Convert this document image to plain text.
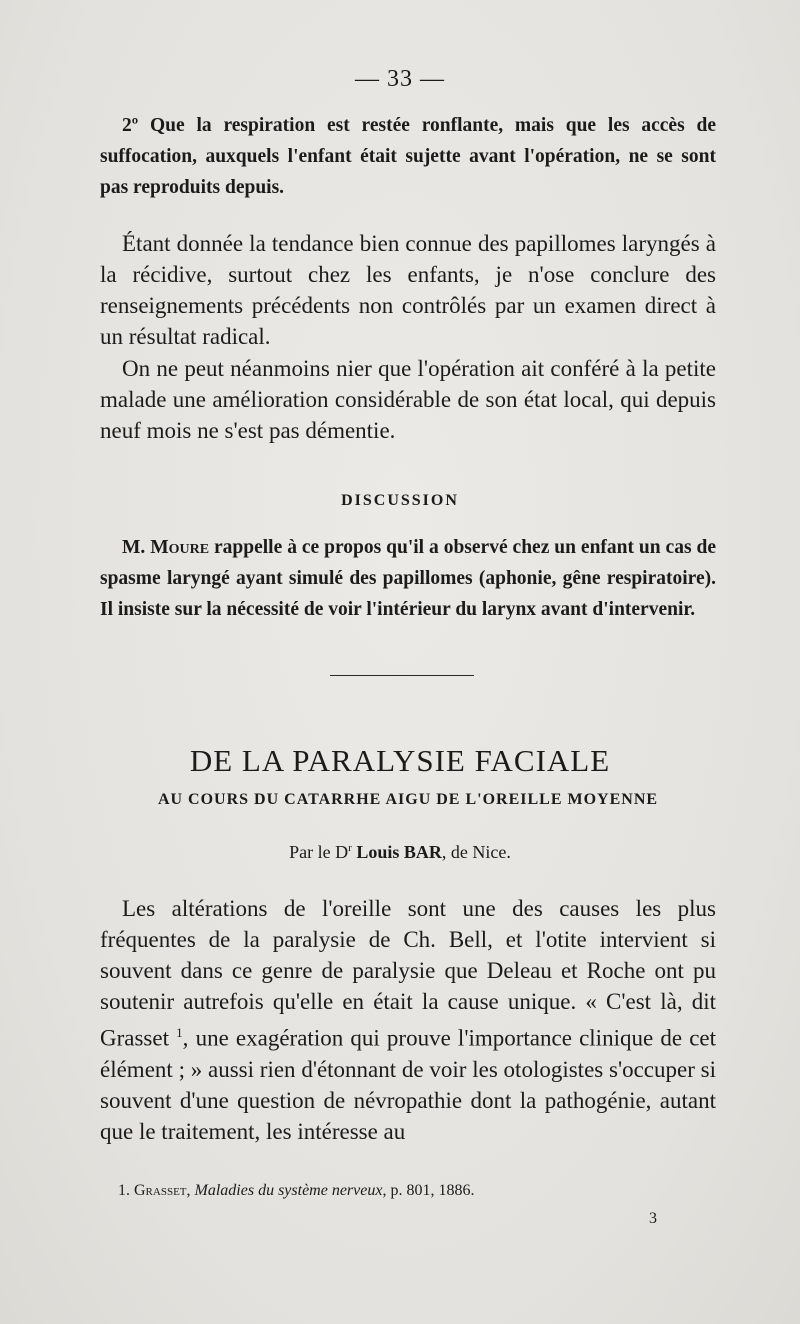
— 33 —

2º Que la respiration est restée ronflante, mais que les accès de suffocation, auxquels l'enfant était sujette avant l'opération, ne se sont pas reproduits depuis.

Étant donnée la tendance bien connue des papillomes laryngés à la récidive, surtout chez les enfants, je n'ose conclure des renseignements précédents non contrôlés par un examen direct à un résultat radical.

On ne peut néanmoins nier que l'opération ait conféré à la petite malade une amélioration considérable de son état local, qui depuis neuf mois ne s'est pas démentie.

DISCUSSION

M. Moure rappelle à ce propos qu'il a observé chez un enfant un cas de spasme laryngé ayant simulé des papillomes (aphonie, gêne respiratoire). Il insiste sur la nécessité de voir l'intérieur du larynx avant d'intervenir.

DE LA PARALYSIE FACIALE
AU COURS DU CATARRHE AIGU DE L'OREILLE MOYENNE
Par le $D^r$ Louis BAR, de Nice.

Les altérations de l'oreille sont une des causes les plus fréquentes de la paralysie de Ch. Bell, et l'otite intervient si souvent dans ce genre de paralysie que Deleau et Roche ont pu soutenir autrefois qu'elle en était la cause unique. « C'est là, dit Grasset $^1$, une exagération qui prouve l'importance clinique de cet élément ; » aussi rien d'étonnant de voir les otologistes s'occuper si souvent d'une question de névropathie dont la pathogénie, autant que le traitement, les intéresse au

1. Grasset, Maladies du système nerveux, p. 801, 1886.
3
